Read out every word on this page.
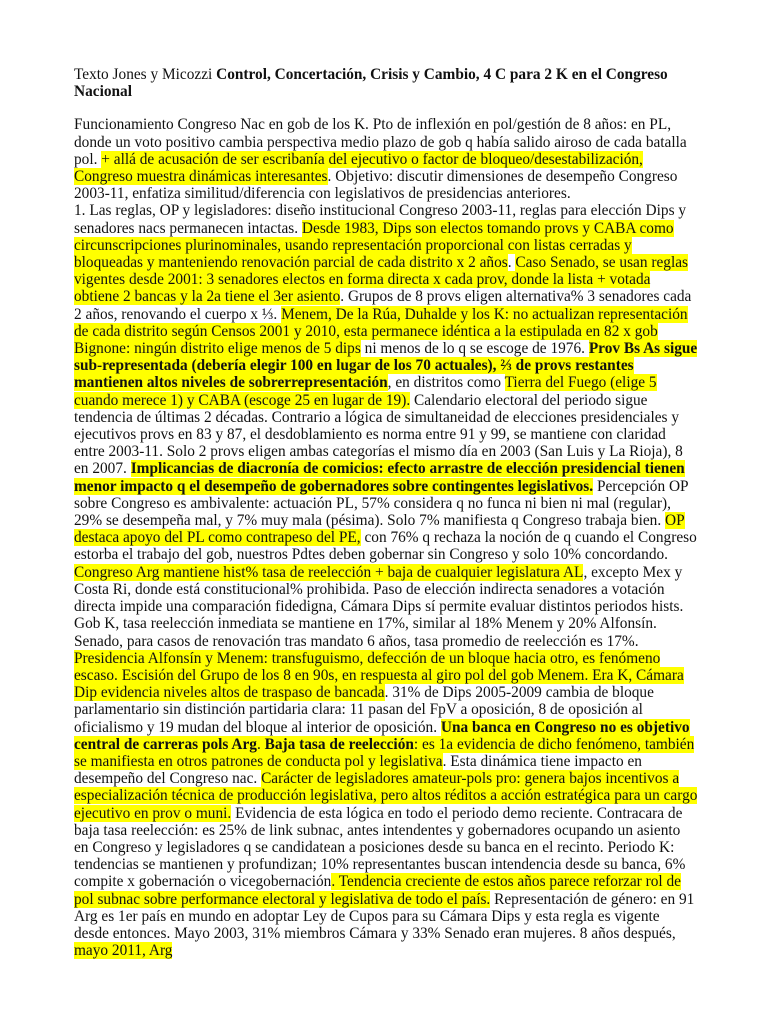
Texto Jones y Micozzi Control, Concertación, Crisis y Cambio, 4 C para 2 K en el Congreso Nacional

Funcionamiento Congreso Nac en gob de los K. Pto de inflexión en pol/gestión de 8 años: en PL, donde un voto positivo cambia perspectiva medio plazo de gob q había salido airoso de cada batalla pol. + allá de acusación de ser escribanía del ejecutivo o factor de bloqueo/desestabilización, Congreso muestra dinámicas interesantes. Objetivo: discutir dimensiones de desempeño Congreso 2003-11, enfatiza similitud/diferencia con legislativos de presidencias anteriores.

1. Las reglas, OP y legisladores: diseño institucional Congreso 2003-11, reglas para elección Dips y senadores nacs permanecen intactas. Desde 1983, Dips son electos tomando provs y CABA como circunscripciones plurinominales, usando representación proporcional con listas cerradas y bloqueadas y manteniendo renovación parcial de cada distrito x 2 años. Caso Senado, se usan reglas vigentes desde 2001: 3 senadores electos en forma directa x cada prov, donde la lista + votada obtiene 2 bancas y la 2a tiene el 3er asiento. Grupos de 8 provs eligen alternativa% 3 senadores cada 2 años, renovando el cuerpo x ⅓. Menem, De la Rúa, Duhalde y los K: no actualizan representación de cada distrito según Censos 2001 y 2010, esta permanece idéntica a la estipulada en 82 x gob Bignone: ningún distrito elige menos de 5 dips ni menos de lo q se escoge de 1976. Prov Bs As sigue sub-representada (debería elegir 100 en lugar de los 70 actuales), ⅔ de provs restantes mantienen altos niveles de sobrerrepresentación, en distritos como Tierra del Fuego (elige 5 cuando merece 1) y CABA (escoge 25 en lugar de 19). Calendario electoral del periodo sigue tendencia de últimas 2 décadas. Contrario a lógica de simultaneidad de elecciones presidenciales y ejecutivos provs en 83 y 87, el desdoblamiento es norma entre 91 y 99, se mantiene con claridad entre 2003-11. Solo 2 provs eligen ambas categorías el mismo día en 2003 (San Luis y La Rioja), 8 en 2007. Implicancias de diacronía de comicios: efecto arrastre de elección presidencial tienen menor impacto q el desempeño de gobernadores sobre contingentes legislativos. Percepción OP sobre Congreso es ambivalente: actuación PL, 57% considera q no funca ni bien ni mal (regular), 29% se desempeña mal, y 7% muy mala (pésima). Solo 7% manifiesta q Congreso trabaja bien. OP destaca apoyo del PL como contrapeso del PE, con 76% q rechaza la noción de q cuando el Congreso estorba el trabajo del gob, nuestros Pdtes deben gobernar sin Congreso y solo 10% concordando. Congreso Arg mantiene hist% tasa de reelección + baja de cualquier legislatura AL, excepto Mex y Costa Ri, donde está constitucional% prohibida. Paso de elección indirecta senadores a votación directa impide una comparación fidedigna, Cámara Dips sí permite evaluar distintos periodos hists. Gob K, tasa reelección inmediata se mantiene en 17%, similar al 18% Menem y 20% Alfonsín. Senado, para casos de renovación tras mandato 6 años, tasa promedio de reelección es 17%. Presidencia Alfonsín y Menem: transfuguismo, defección de un bloque hacia otro, es fenómeno escaso. Escisión del Grupo de los 8 en 90s, en respuesta al giro pol del gob Menem. Era K, Cámara Dip evidencia niveles altos de traspaso de bancada. 31% de Dips 2005-2009 cambia de bloque parlamentario sin distinción partidaria clara: 11 pasan del FpV a oposición, 8 de oposición al oficialismo y 19 mudan del bloque al interior de oposición. Una banca en Congreso no es objetivo central de carreras pols Arg. Baja tasa de reelección: es 1a evidencia de dicho fenómeno, también se manifiesta en otros patrones de conducta pol y legislativa. Esta dinámica tiene impacto en desempeño del Congreso nac. Carácter de legisladores amateur-pols pro: genera bajos incentivos a especialización técnica de producción legislativa, pero altos réditos a acción estratégica para un cargo ejecutivo en prov o muni. Evidencia de esta lógica en todo el periodo demo reciente. Contracara de baja tasa reelección: es 25% de link subnac, antes intendentes y gobernadores ocupando un asiento en Congreso y legisladores q se candidatean a posiciones desde su banca en el recinto. Periodo K: tendencias se mantienen y profundizan; 10% representantes buscan intendencia desde su banca, 6% compite x gobernación o vicegobernación. Tendencia creciente de estos años parece reforzar rol de pol subnac sobre performance electoral y legislativa de todo el país. Representación de género: en 91 Arg es 1er país en mundo en adoptar Ley de Cupos para su Cámara Dips y esta regla es vigente desde entonces. Mayo 2003, 31% miembros Cámara y 33% Senado eran mujeres. 8 años después, mayo 2011, Arg
